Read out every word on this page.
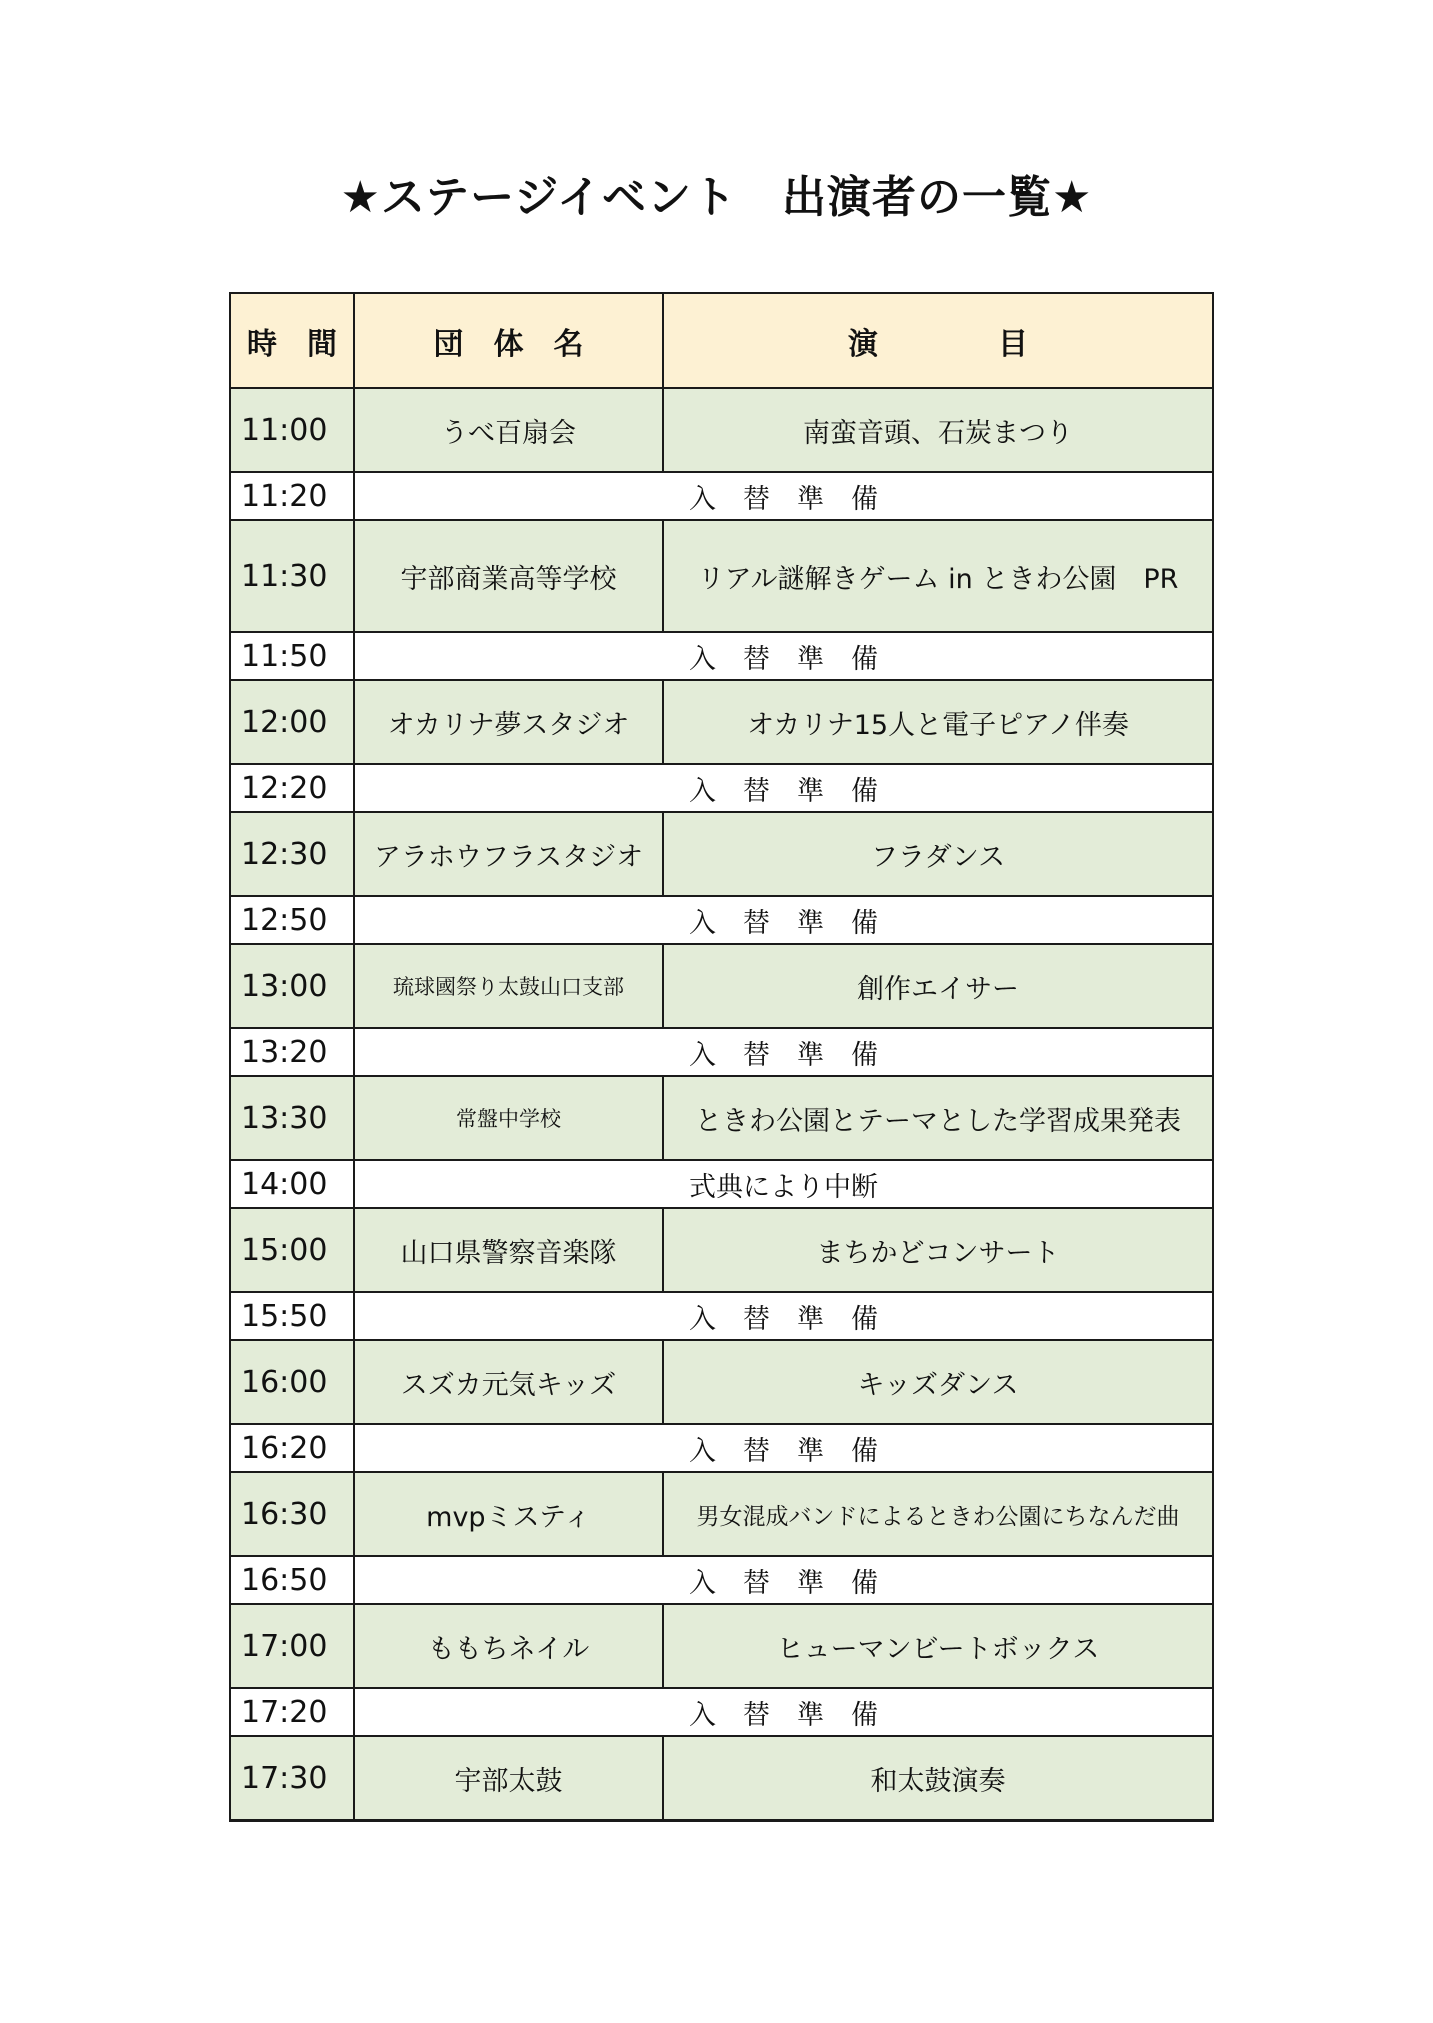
★ステージイベント　出演者の一覧★
時　間	団　体　名	演　　　　目
11:00	うべ百扇会	南蛮音頭、石炭まつり
11:20	入　替　準　備	
11:30	宇部商業高等学校	リアル謎解きゲーム in ときわ公園　PR
11:50	入　替　準　備	
12:00	オカリナ夢スタジオ	オカリナ15人と電子ピアノ伴奏
12:20	入　替　準　備	
12:30	アラホウフラスタジオ	フラダンス
12:50	入　替　準　備	
13:00	琉球國祭り太鼓山口支部	創作エイサー
13:20	入　替　準　備	
13:30	常盤中学校	ときわ公園とテーマとした学習成果発表
14:00	式典により中断	
15:00	山口県警察音楽隊	まちかどコンサート
15:50	入　替　準　備	
16:00	スズカ元気キッズ	キッズダンス
16:20	入　替　準　備	
16:30	mvpミスティ	男女混成バンドによるときわ公園にちなんだ曲
16:50	入　替　準　備	
17:00	ももちネイル	ヒューマンビートボックス
17:20	入　替　準　備	
17:30	宇部太鼓	和太鼓演奏
